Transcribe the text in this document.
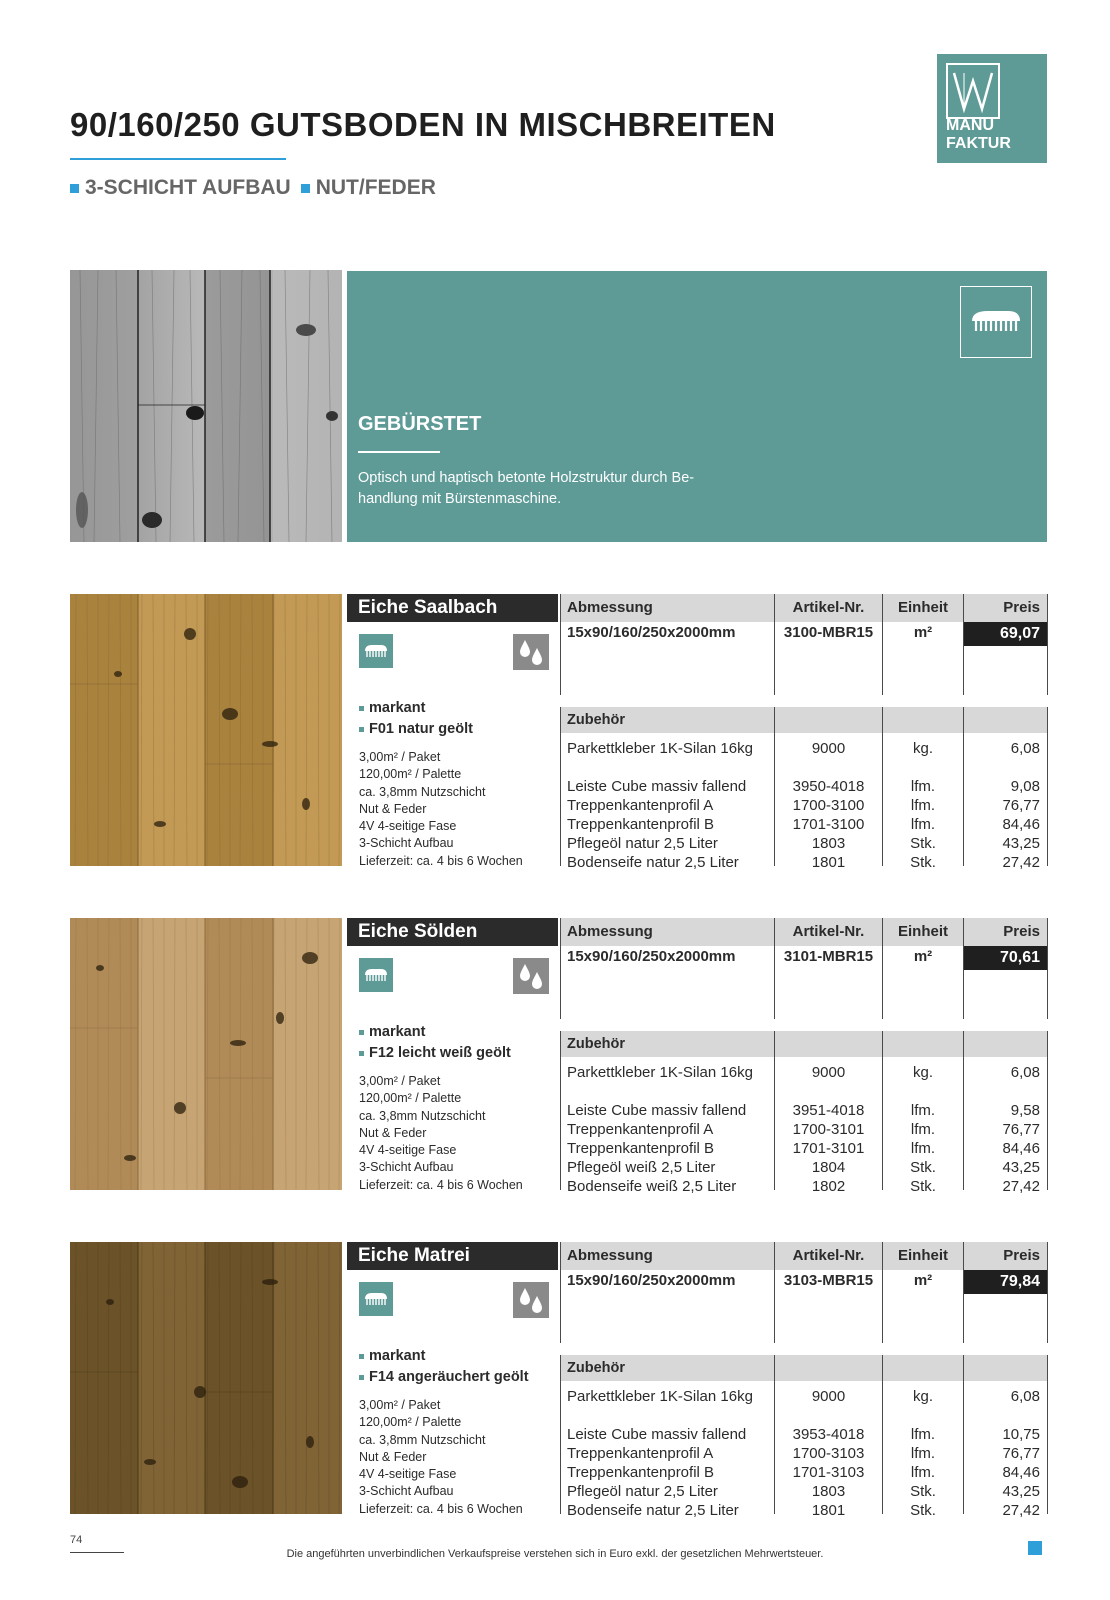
90/160/250 GUTSBODEN IN MISCHBREITEN
3-SCHICHT AUFBAU NUT/FEDER
MANU
FAKTUR
GEBÜRSTET
Optisch und haptisch betonte Holzstruktur durch Be-handlung mit Bürstenmaschine.
Eiche Saalbach
markant
F01 natur geölt
3,00m² / Paket
120,00m² / Palette
ca. 3,8mm Nutzschicht
Nut & Feder
4V 4-seitige Fase
3-Schicht Aufbau
Lieferzeit: ca. 4 bis 6 Wochen
Abmessung	Artikel-Nr.	Einheit	Preis
15x90/160/250x2000mm	3100-MBR15	m²	69,07
Zubehör
Parkettkleber 1K-Silan 16kg	9000	kg.	6,08
Leiste Cube massiv fallend	3950-4018	lfm.	9,08
Treppenkantenprofil A	1700-3100	lfm.	76,77
Treppenkantenprofil B	1701-3100	lfm.	84,46
Pflegeöl natur 2,5 Liter	1803	Stk.	43,25
Bodenseife natur 2,5 Liter	1801	Stk.	27,42
Eiche Sölden
markant
F12 leicht weiß geölt
3,00m² / Paket
120,00m² / Palette
ca. 3,8mm Nutzschicht
Nut & Feder
4V 4-seitige Fase
3-Schicht Aufbau
Lieferzeit: ca. 4 bis 6 Wochen
Abmessung	Artikel-Nr.	Einheit	Preis
15x90/160/250x2000mm	3101-MBR15	m²	70,61
Zubehör
Parkettkleber 1K-Silan 16kg	9000	kg.	6,08
Leiste Cube massiv fallend	3951-4018	lfm.	9,58
Treppenkantenprofil A	1700-3101	lfm.	76,77
Treppenkantenprofil B	1701-3101	lfm.	84,46
Pflegeöl weiß 2,5 Liter	1804	Stk.	43,25
Bodenseife weiß 2,5 Liter	1802	Stk.	27,42
Eiche Matrei
markant
F14 angeräuchert geölt
3,00m² / Paket
120,00m² / Palette
ca. 3,8mm Nutzschicht
Nut & Feder
4V 4-seitige Fase
3-Schicht Aufbau
Lieferzeit: ca. 4 bis 6 Wochen
Abmessung	Artikel-Nr.	Einheit	Preis
15x90/160/250x2000mm	3103-MBR15	m²	79,84
Zubehör
Parkettkleber 1K-Silan 16kg	9000	kg.	6,08
Leiste Cube massiv fallend	3953-4018	lfm.	10,75
Treppenkantenprofil A	1700-3103	lfm.	76,77
Treppenkantenprofil B	1701-3103	lfm.	84,46
Pflegeöl natur 2,5 Liter	1803	Stk.	43,25
Bodenseife natur 2,5 Liter	1801	Stk.	27,42
74
Die angeführten unverbindlichen Verkaufspreise verstehen sich in Euro exkl. der gesetzlichen Mehrwertsteuer.
